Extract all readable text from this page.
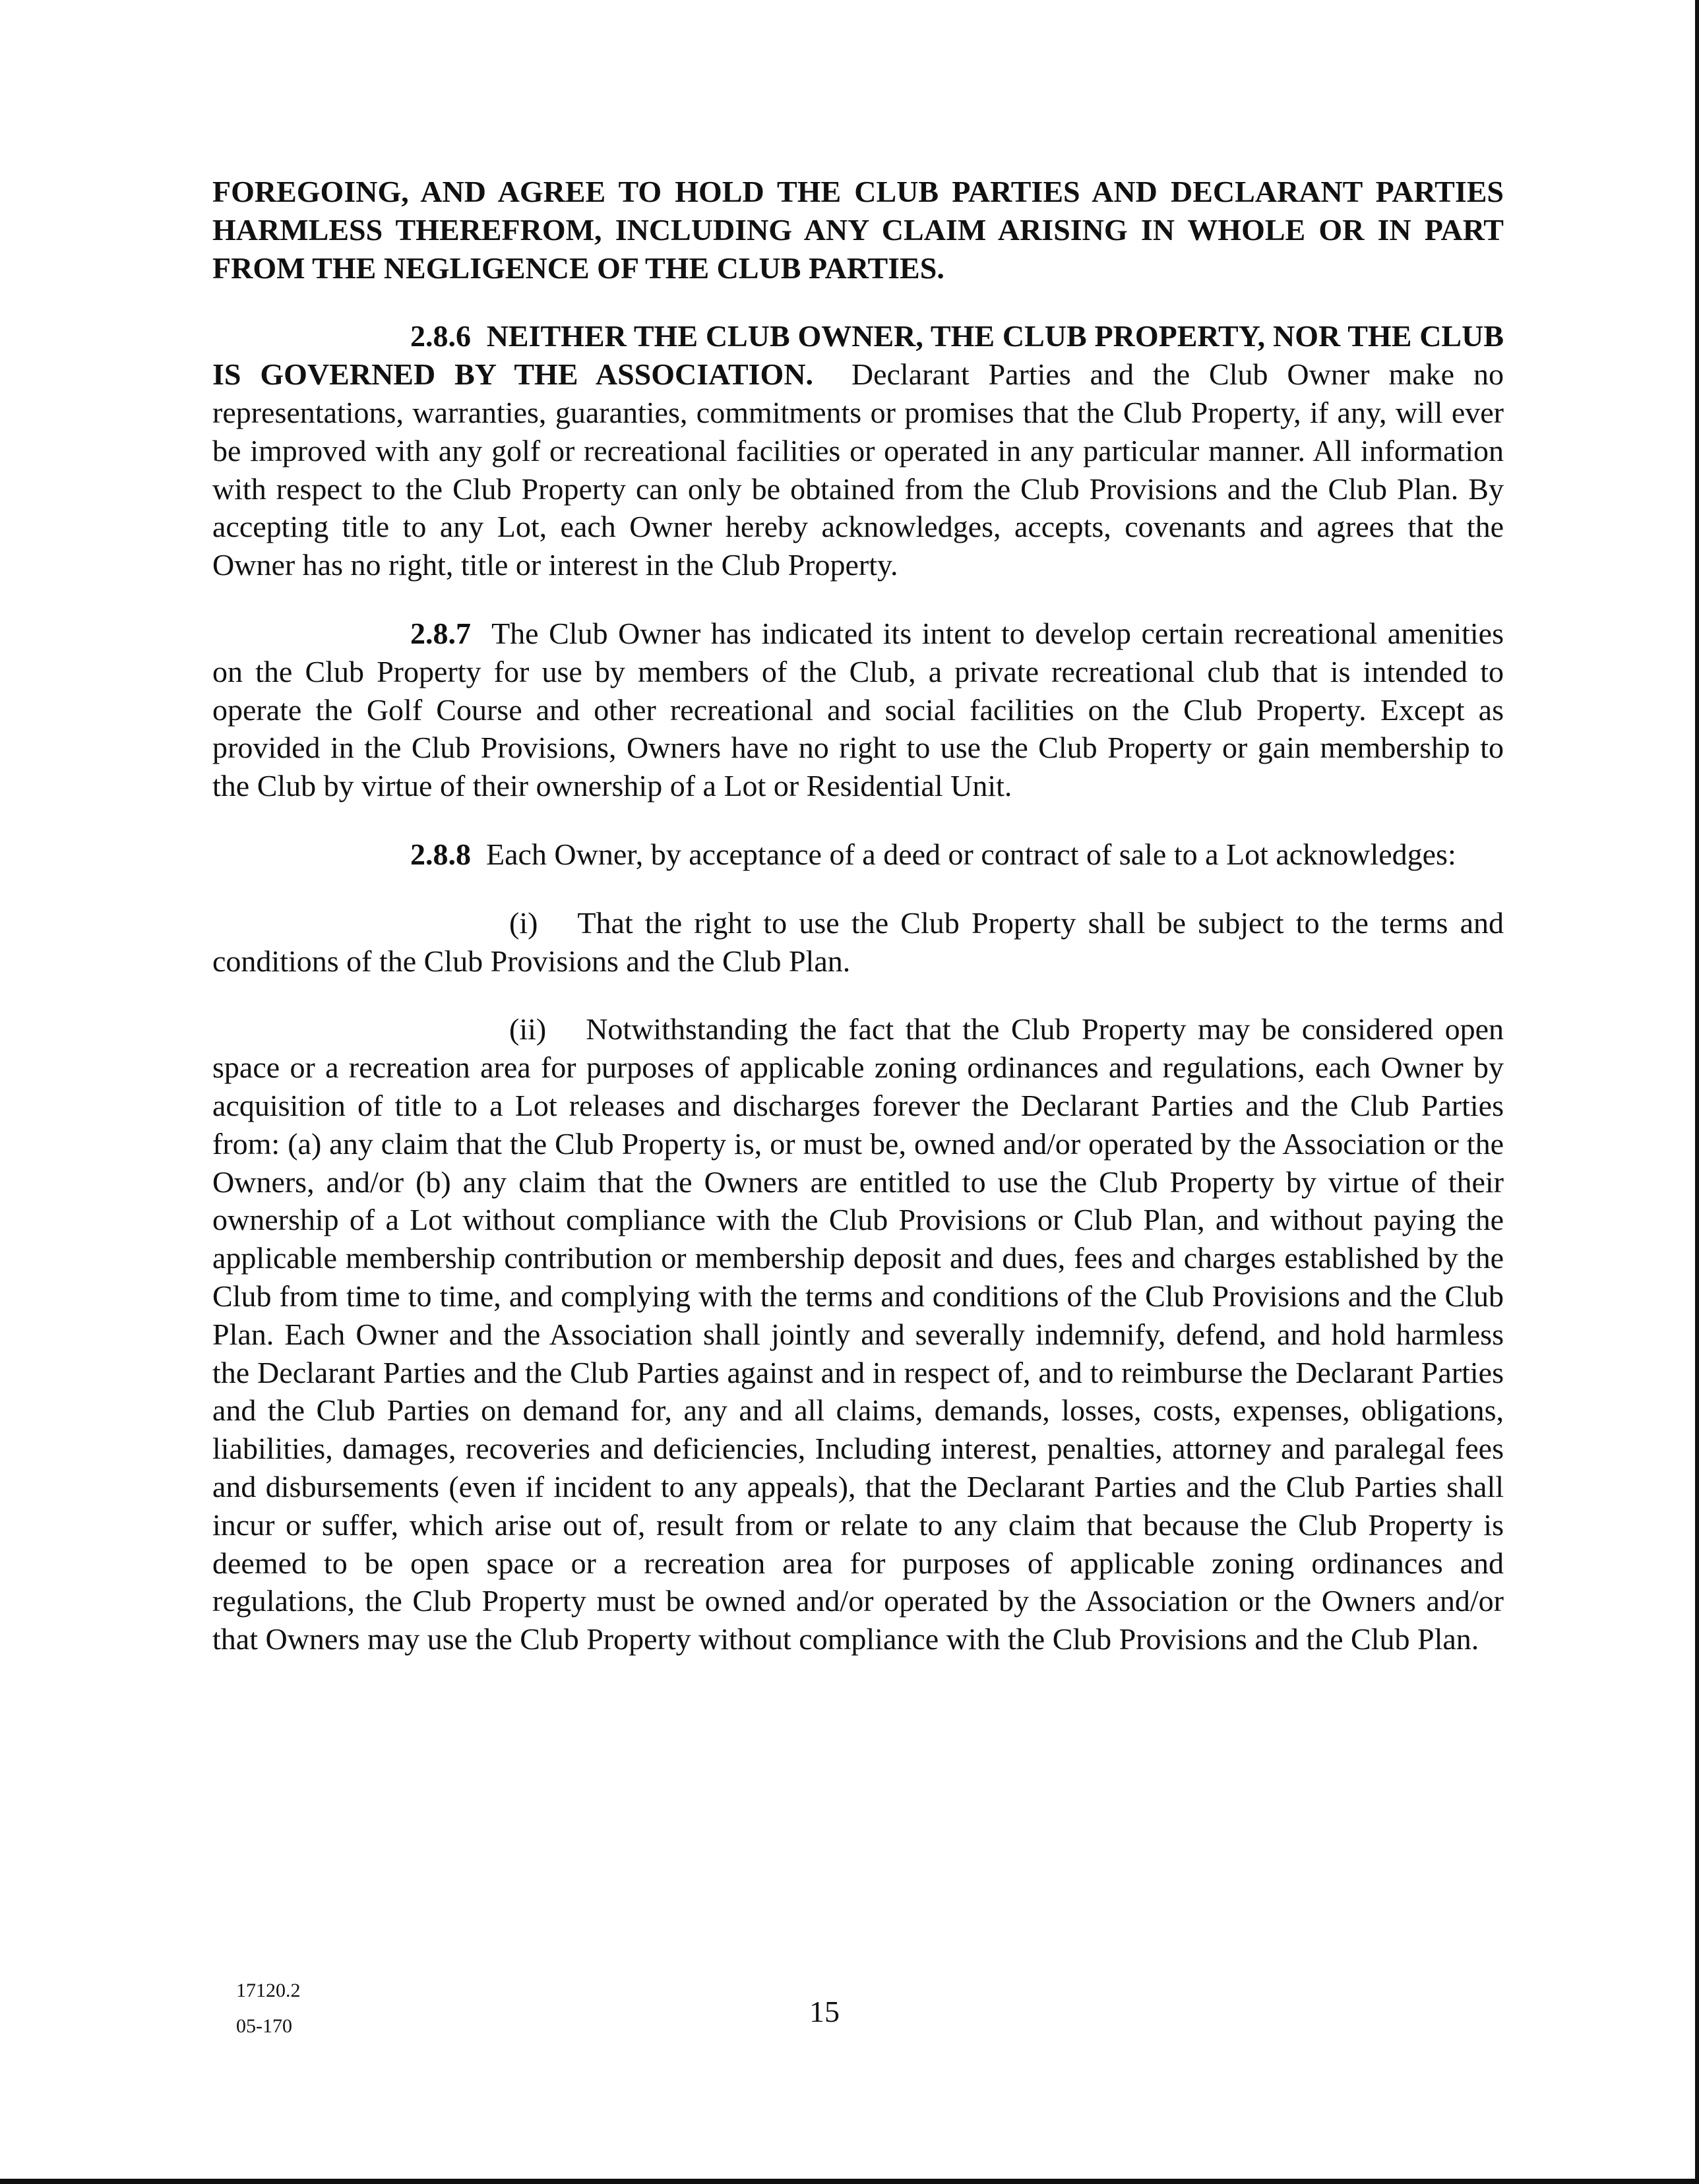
FOREGOING, AND AGREE TO HOLD THE CLUB PARTIES AND DECLARANT PARTIES HARMLESS THEREFROM, INCLUDING ANY CLAIM ARISING IN WHOLE OR IN PART FROM THE NEGLIGENCE OF THE CLUB PARTIES.

2.8.6 NEITHER THE CLUB OWNER, THE CLUB PROPERTY, NOR THE CLUB IS GOVERNED BY THE ASSOCIATION. Declarant Parties and the Club Owner make no representations, warranties, guaranties, commitments or promises that the Club Property, if any, will ever be improved with any golf or recreational facilities or operated in any particular manner. All information with respect to the Club Property can only be obtained from the Club Provisions and the Club Plan. By accepting title to any Lot, each Owner hereby acknowledges, accepts, covenants and agrees that the Owner has no right, title or interest in the Club Property.

2.8.7 The Club Owner has indicated its intent to develop certain recreational amenities on the Club Property for use by members of the Club, a private recreational club that is intended to operate the Golf Course and other recreational and social facilities on the Club Property. Except as provided in the Club Provisions, Owners have no right to use the Club Property or gain membership to the Club by virtue of their ownership of a Lot or Residential Unit.

2.8.8 Each Owner, by acceptance of a deed or contract of sale to a Lot acknowledges:

(i) That the right to use the Club Property shall be subject to the terms and conditions of the Club Provisions and the Club Plan.

(ii) Notwithstanding the fact that the Club Property may be considered open space or a recreation area for purposes of applicable zoning ordinances and regulations, each Owner by acquisition of title to a Lot releases and discharges forever the Declarant Parties and the Club Parties from: (a) any claim that the Club Property is, or must be, owned and/or operated by the Association or the Owners, and/or (b) any claim that the Owners are entitled to use the Club Property by virtue of their ownership of a Lot without compliance with the Club Provisions or Club Plan, and without paying the applicable membership contribution or membership deposit and dues, fees and charges established by the Club from time to time, and complying with the terms and conditions of the Club Provisions and the Club Plan. Each Owner and the Association shall jointly and severally indemnify, defend, and hold harmless the Declarant Parties and the Club Parties against and in respect of, and to reimburse the Declarant Parties and the Club Parties on demand for, any and all claims, demands, losses, costs, expenses, obligations, liabilities, damages, recoveries and deficiencies, Including interest, penalties, attorney and paralegal fees and disbursements (even if incident to any appeals), that the Declarant Parties and the Club Parties shall incur or suffer, which arise out of, result from or relate to any claim that because the Club Property is deemed to be open space or a recreation area for purposes of applicable zoning ordinances and regulations, the Club Property must be owned and/or operated by the Association or the Owners and/or that Owners may use the Club Property without compliance with the Club Provisions and the Club Plan.

17120.2
05-170	15
